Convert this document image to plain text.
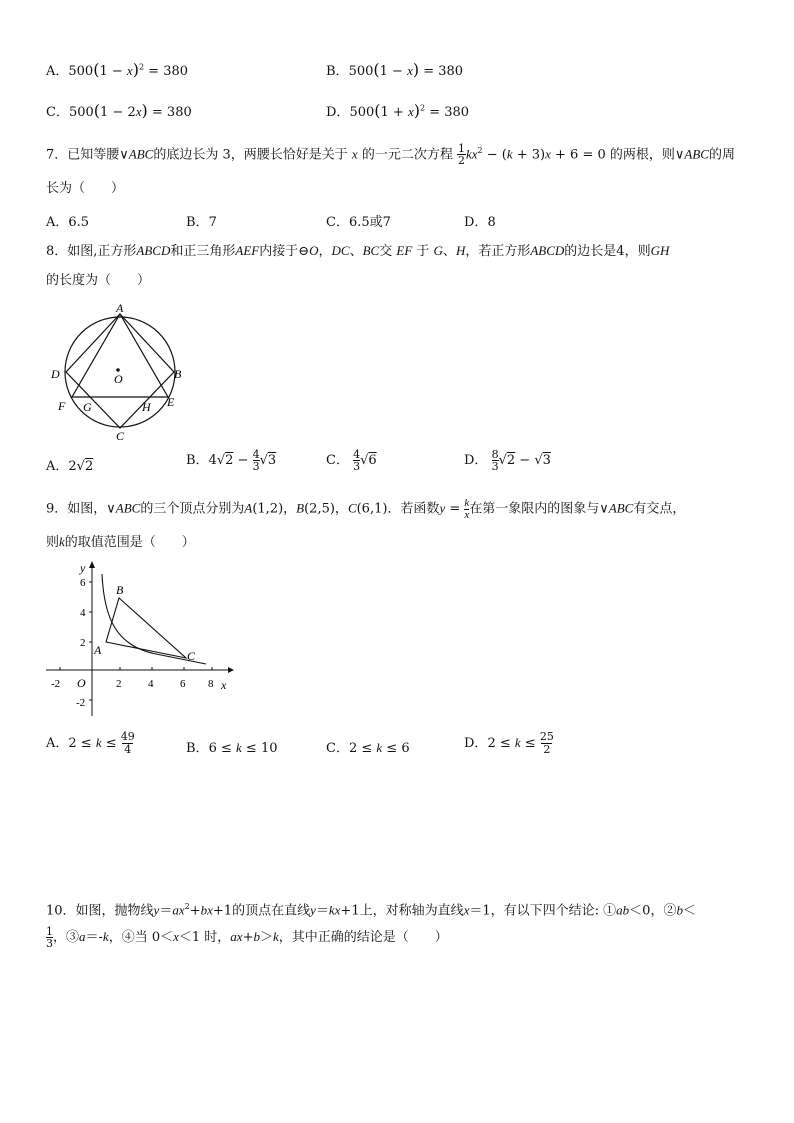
A．$500(1 - x)^2 = 380$	B．500(1 − x) = 380
C．500(1 − 2x) = 380	D．$500(1 + x)^2 = 380$
7．已知等腰∨ABC的底边长为 3，两腰长恰好是关于 x 的一元二次方程 1
$2kx^2 - (k + 3)x + 6 = 0$ 的两根，则∨ABC的周
长为（　　）
A．6.5	B．7	C．6.5或7	D．8
8．如图,正方形ABCD和正三角形AEF内接于⊖O，DC、BC交 EF 于 G、H，若正方形ABCD的边长是4，则GH
的长度为（　　）
A
B
C
D
E
F G	H
O
A．2√2	B．4√2 − 4
3√3	C． 4
3√6	D． 8
3√2 − √3
9．如图，∨ABC的三个顶点分别为A(1,2)，B(2,5)，C(6,1)．若函数$y = \frac{k}{x}$在第一象限内的图象与∨ABC有交点，
则k的取值范围是（　　）
6
4
2
-2
-2	2 4 6 8
O	x
y
A
B
C
A．2 ≤ k ≤ 49
4	B．6 ≤ k ≤ 10	C．2 ≤ k ≤ 6	D．2 ≤ k ≤ 25
2
10．如图，抛物线$y=ax^2+bx+1$的顶点在直线y＝kx+1上，对称轴为直线x＝1，有以下四个结论: ①ab＜0，②b＜
1
3，③a＝-k，④当 0＜x＜1 时，ax+b＞k，其中正确的结论是（　　）
